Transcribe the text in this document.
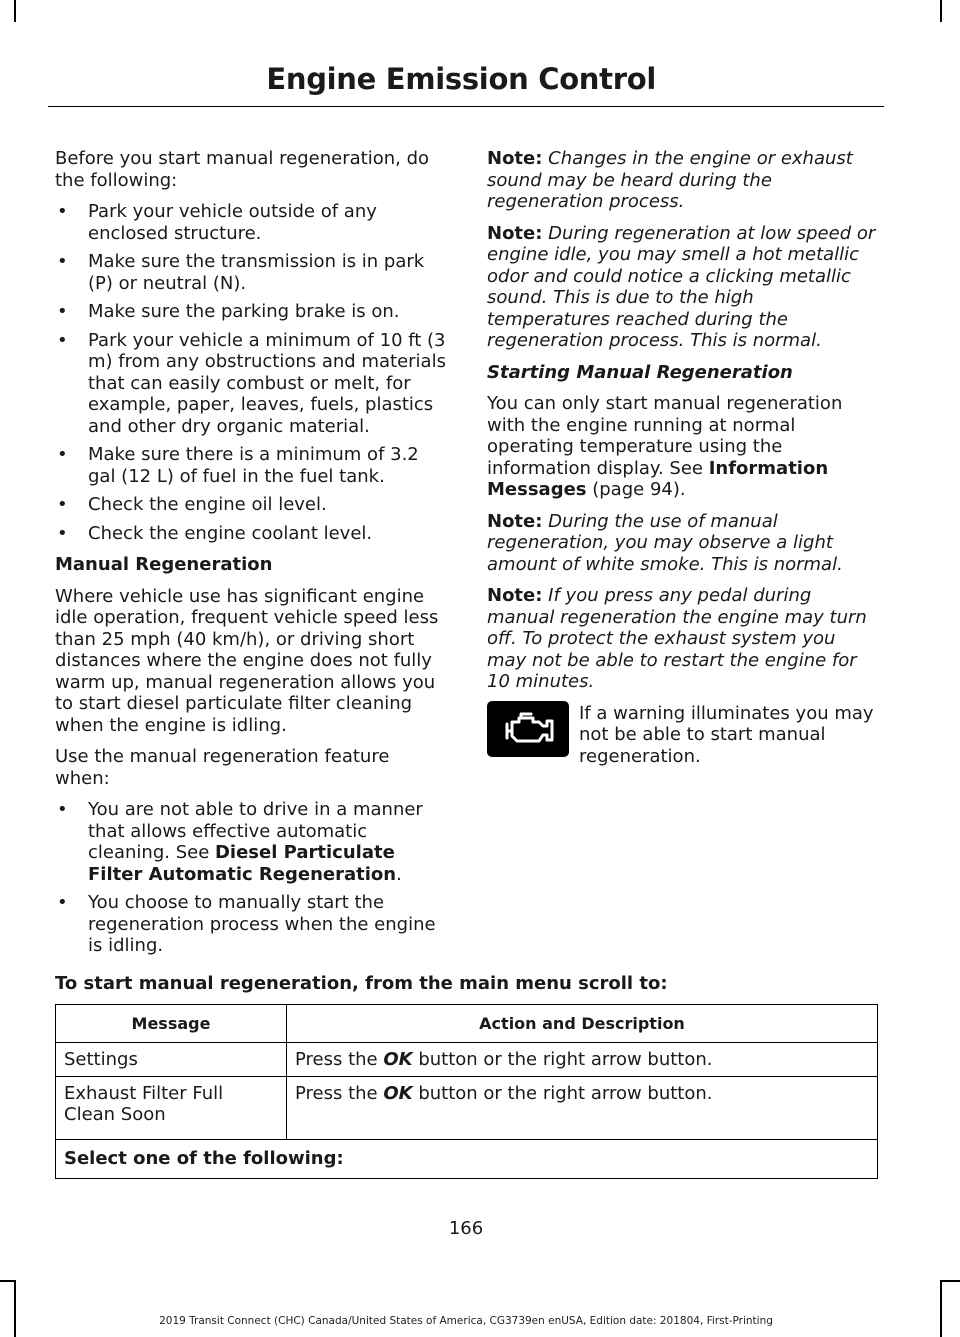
Engine Emission Control

Before you start manual regeneration, do the following:

• Park your vehicle outside of any enclosed structure.
• Make sure the transmission is in park (P) or neutral (N).
• Make sure the parking brake is on.
• Park your vehicle a minimum of 10 ft (3 m) from any obstructions and materials that can easily combust or melt, for example, paper, leaves, fuels, plastics and other dry organic material.
• Make sure there is a minimum of 3.2 gal (12 L) of fuel in the fuel tank.
• Check the engine oil level.
• Check the engine coolant level.

Manual Regeneration

Where vehicle use has significant engine idle operation, frequent vehicle speed less than 25 mph (40 km/h), or driving short distances where the engine does not fully warm up, manual regeneration allows you to start diesel particulate filter cleaning when the engine is idling.

Use the manual regeneration feature when:

• You are not able to drive in a manner that allows effective automatic cleaning. See Diesel Particulate Filter Automatic Regeneration.
• You choose to manually start the regeneration process when the engine is idling.

Note: Changes in the engine or exhaust sound may be heard during the regeneration process.

Note: During regeneration at low speed or engine idle, you may smell a hot metallic odor and could notice a clicking metallic sound. This is due to the high temperatures reached during the regeneration process. This is normal.

Starting Manual Regeneration

You can only start manual regeneration with the engine running at normal operating temperature using the information display. See Information Messages (page 94).

Note: During the use of manual regeneration, you may observe a light amount of white smoke. This is normal.

Note: If you press any pedal during manual regeneration the engine may turn off. To protect the exhaust system you may not be able to restart the engine for 10 minutes.

If a warning illuminates you may not be able to start manual regeneration.
To start manual regeneration, from the main menu scroll to:
Message	Action and Description
Settings	Press the OK button or the right arrow button.
Exhaust Filter Full Clean Soon	Press the OK button or the right arrow button.
Select one of the following:	
166
2019 Transit Connect (CHC) Canada/United States of America, CG3739en enUSA, Edition date: 201804, First-Printing
